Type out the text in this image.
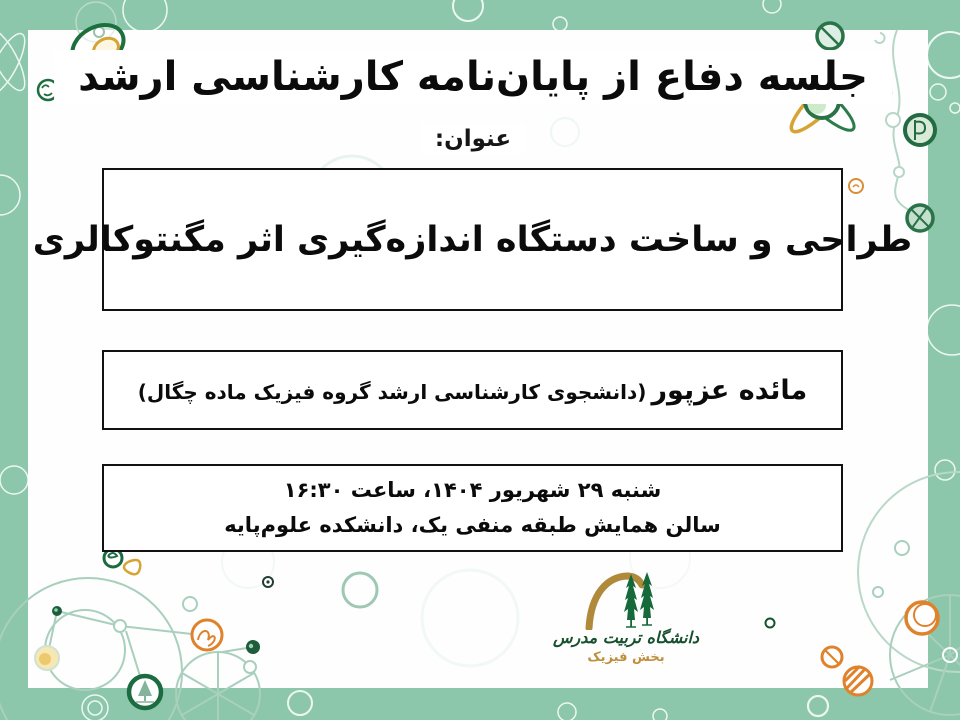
جلسه دفاع از پایان‌نامه کارشناسی ارشد
عنوان:
طراحی و ساخت دستگاه اندازه‌گیری اثر مگنتوکالری
مائده عزپور (دانشجوی کارشناسی ارشد گروه فیزیک ماده چگال)
شنبه ۲۹ شهریور ۱۴۰۴، ساعت ۱۶:۳۰
سالن همایش طبقه منفی یک، دانشکده علوم‌پایه
دانشگاه تربیت مدرس
بخش فیزیک
